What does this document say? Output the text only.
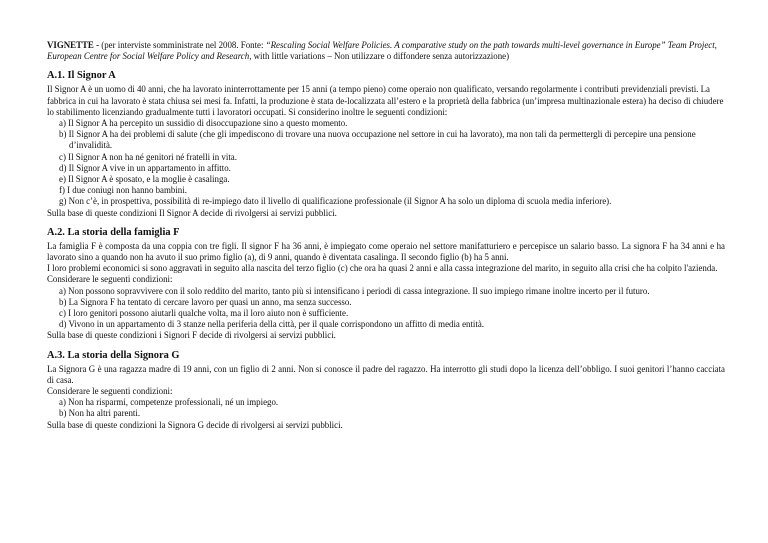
VIGNETTE - (per interviste somministrate nel 2008. Fonte: “Rescaling Social Welfare Policies. A comparative study on the path towards multi-level governance in Europe” Team Project, European Centre for Social Welfare Policy and Research, with little variations – Non utilizzare o diffondere senza autorizzazione)

A.1. Il Signor A

Il Signor A è un uomo di 40 anni, che ha lavorato ininterrottamente per 15 anni (a tempo pieno) come operaio non qualificato, versando regolarmente i contributi previdenziali previsti. La fabbrica in cui ha lavorato è stata chiusa sei mesi fa. Infatti, la produzione è stata de-localizzata all’estero e la proprietà della fabbrica (un’impresa multinazionale estera) ha deciso di chiudere lo stabilimento licenziando gradualmente tutti i lavoratori occupati. Si considerino inoltre le seguenti condizioni:

a) Il Signor A ha percepito un sussidio di disoccupazione sino a questo momento.
b) Il Signor A ha dei problemi di salute (che gli impediscono di trovare una nuova occupazione nel settore in cui ha lavorato), ma non tali da permettergli di percepire una pensione d’invalidità.
c) Il Signor A non ha né genitori né fratelli in vita.
d) Il Signor A vive in un appartamento in affitto.
e) Il Signor A è sposato, e la moglie è casalinga.
f) I due coniugi non hanno bambini.
g) Non c’è, in prospettiva, possibilità di re-impiego dato il livello di qualificazione professionale (il Signor A ha solo un diploma di scuola media inferiore).

Sulla base di queste condizioni Il Signor A decide di rivolgersi ai servizi pubblici.

A.2. La storia della famiglia F

La famiglia F è composta da una coppia con tre figli. Il signor F ha 36 anni, è impiegato come operaio nel settore manifatturiero e percepisce un salario basso. La signora F ha 34 anni e ha lavorato sino a quando non ha avuto il suo primo figlio (a), di 9 anni, quando è diventata casalinga. Il secondo figlio (b) ha 5 anni.

I loro problemi economici si sono aggravati in seguito alla nascita del terzo figlio (c) che ora ha quasi 2 anni e alla cassa integrazione del marito, in seguito alla crisi che ha colpito l'azienda.

Considerare le seguenti condizioni:

a) Non possono sopravvivere con il solo reddito del marito, tanto più si intensificano i periodi di cassa integrazione. Il suo impiego rimane inoltre incerto per il futuro.
b) La Signora F ha tentato di cercare lavoro per quasi un anno, ma senza successo.
c) I loro genitori possono aiutarli qualche volta, ma il loro aiuto non è sufficiente.
d) Vivono in un appartamento di 3 stanze nella periferia della città, per il quale corrispondono un affitto di media entità.

Sulla base di queste condizioni i Signori F decide di rivolgersi ai servizi pubblici.

A.3. La storia della Signora G

La Signora G è una ragazza madre di 19 anni, con un figlio di 2 anni. Non si conosce il padre del ragazzo. Ha interrotto gli studi dopo la licenza dell’obbligo. I suoi genitori l’hanno cacciata di casa.

Considerare le seguenti condizioni:

a) Non ha risparmi, competenze professionali, né un impiego.
b) Non ha altri parenti.

Sulla base di queste condizioni la Signora G decide di rivolgersi ai servizi pubblici.
